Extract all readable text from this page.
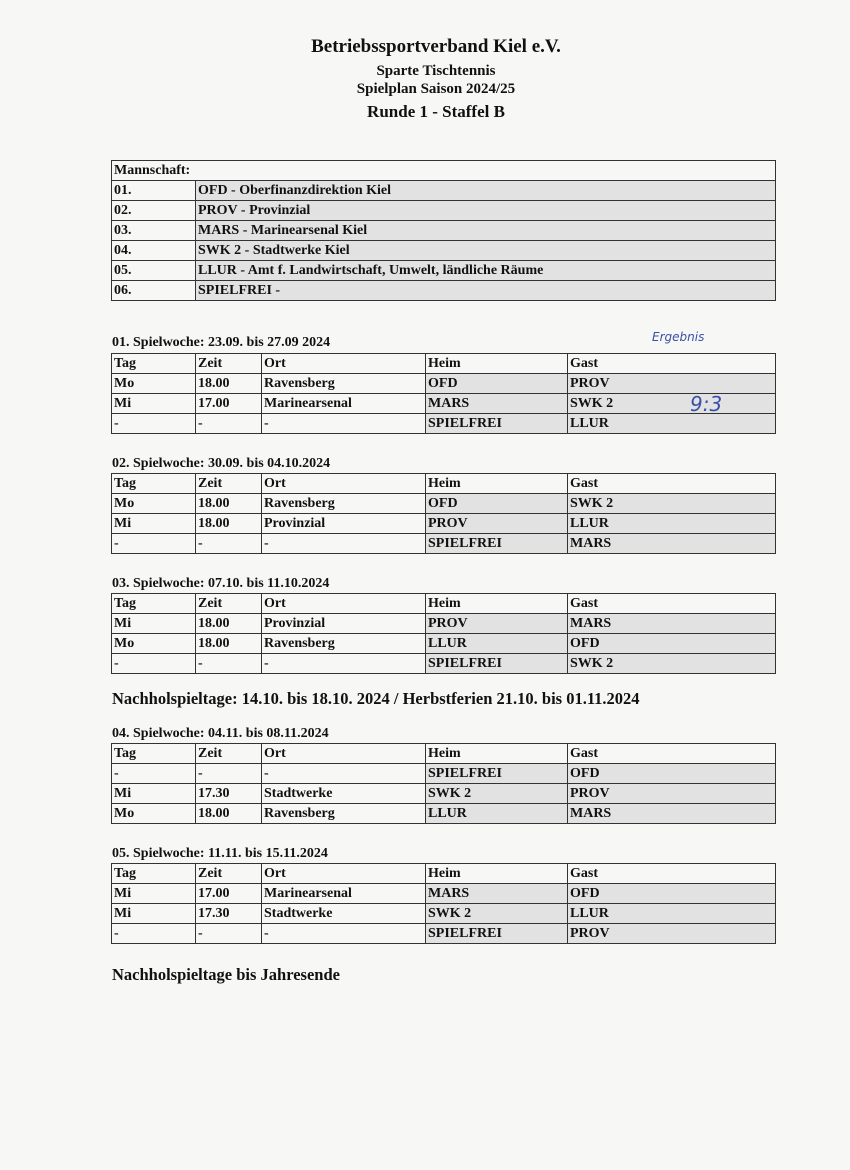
Betriebssportverband Kiel e.V.
Sparte Tischtennis
Spielplan Saison 2024/25
Runde 1 - Staffel B
Mannschaft:	
01.	OFD - Oberfinanzdirektion Kiel
02.	PROV - Provinzial
03.	MARS - Marinearsenal Kiel
04.	SWK 2 - Stadtwerke Kiel
05.	LLUR - Amt f. Landwirtschaft, Umwelt, ländliche Räume
06.	SPIELFREI -
Ergebnis
9:3
01. Spielwoche: 23.09. bis 27.09 2024
Tag	Zeit	Ort	Heim	Gast
Mo	18.00	Ravensberg	OFD	PROV
Mi	17.00	Marinearsenal	MARS	SWK 2
-	-	-	SPIELFREI	LLUR
02. Spielwoche: 30.09. bis 04.10.2024
Tag	Zeit	Ort	Heim	Gast
Mo	18.00	Ravensberg	OFD	SWK 2
Mi	18.00	Provinzial	PROV	LLUR
-	-	-	SPIELFREI	MARS
03. Spielwoche: 07.10. bis 11.10.2024
Tag	Zeit	Ort	Heim	Gast
Mi	18.00	Provinzial	PROV	MARS
Mo	18.00	Ravensberg	LLUR	OFD
-	-	-	SPIELFREI	SWK 2
04. Spielwoche: 04.11. bis 08.11.2024
Tag	Zeit	Ort	Heim	Gast
-	-	-	SPIELFREI	OFD
Mi	17.30	Stadtwerke	SWK 2	PROV
Mo	18.00	Ravensberg	LLUR	MARS
05. Spielwoche: 11.11. bis 15.11.2024
Tag	Zeit	Ort	Heim	Gast
Mi	17.00	Marinearsenal	MARS	OFD
Mi	17.30	Stadtwerke	SWK 2	LLUR
-	-	-	SPIELFREI	PROV
Nachholspieltage: 14.10. bis 18.10. 2024 / Herbstferien 21.10. bis 01.11.2024
Nachholspieltage bis Jahresende
